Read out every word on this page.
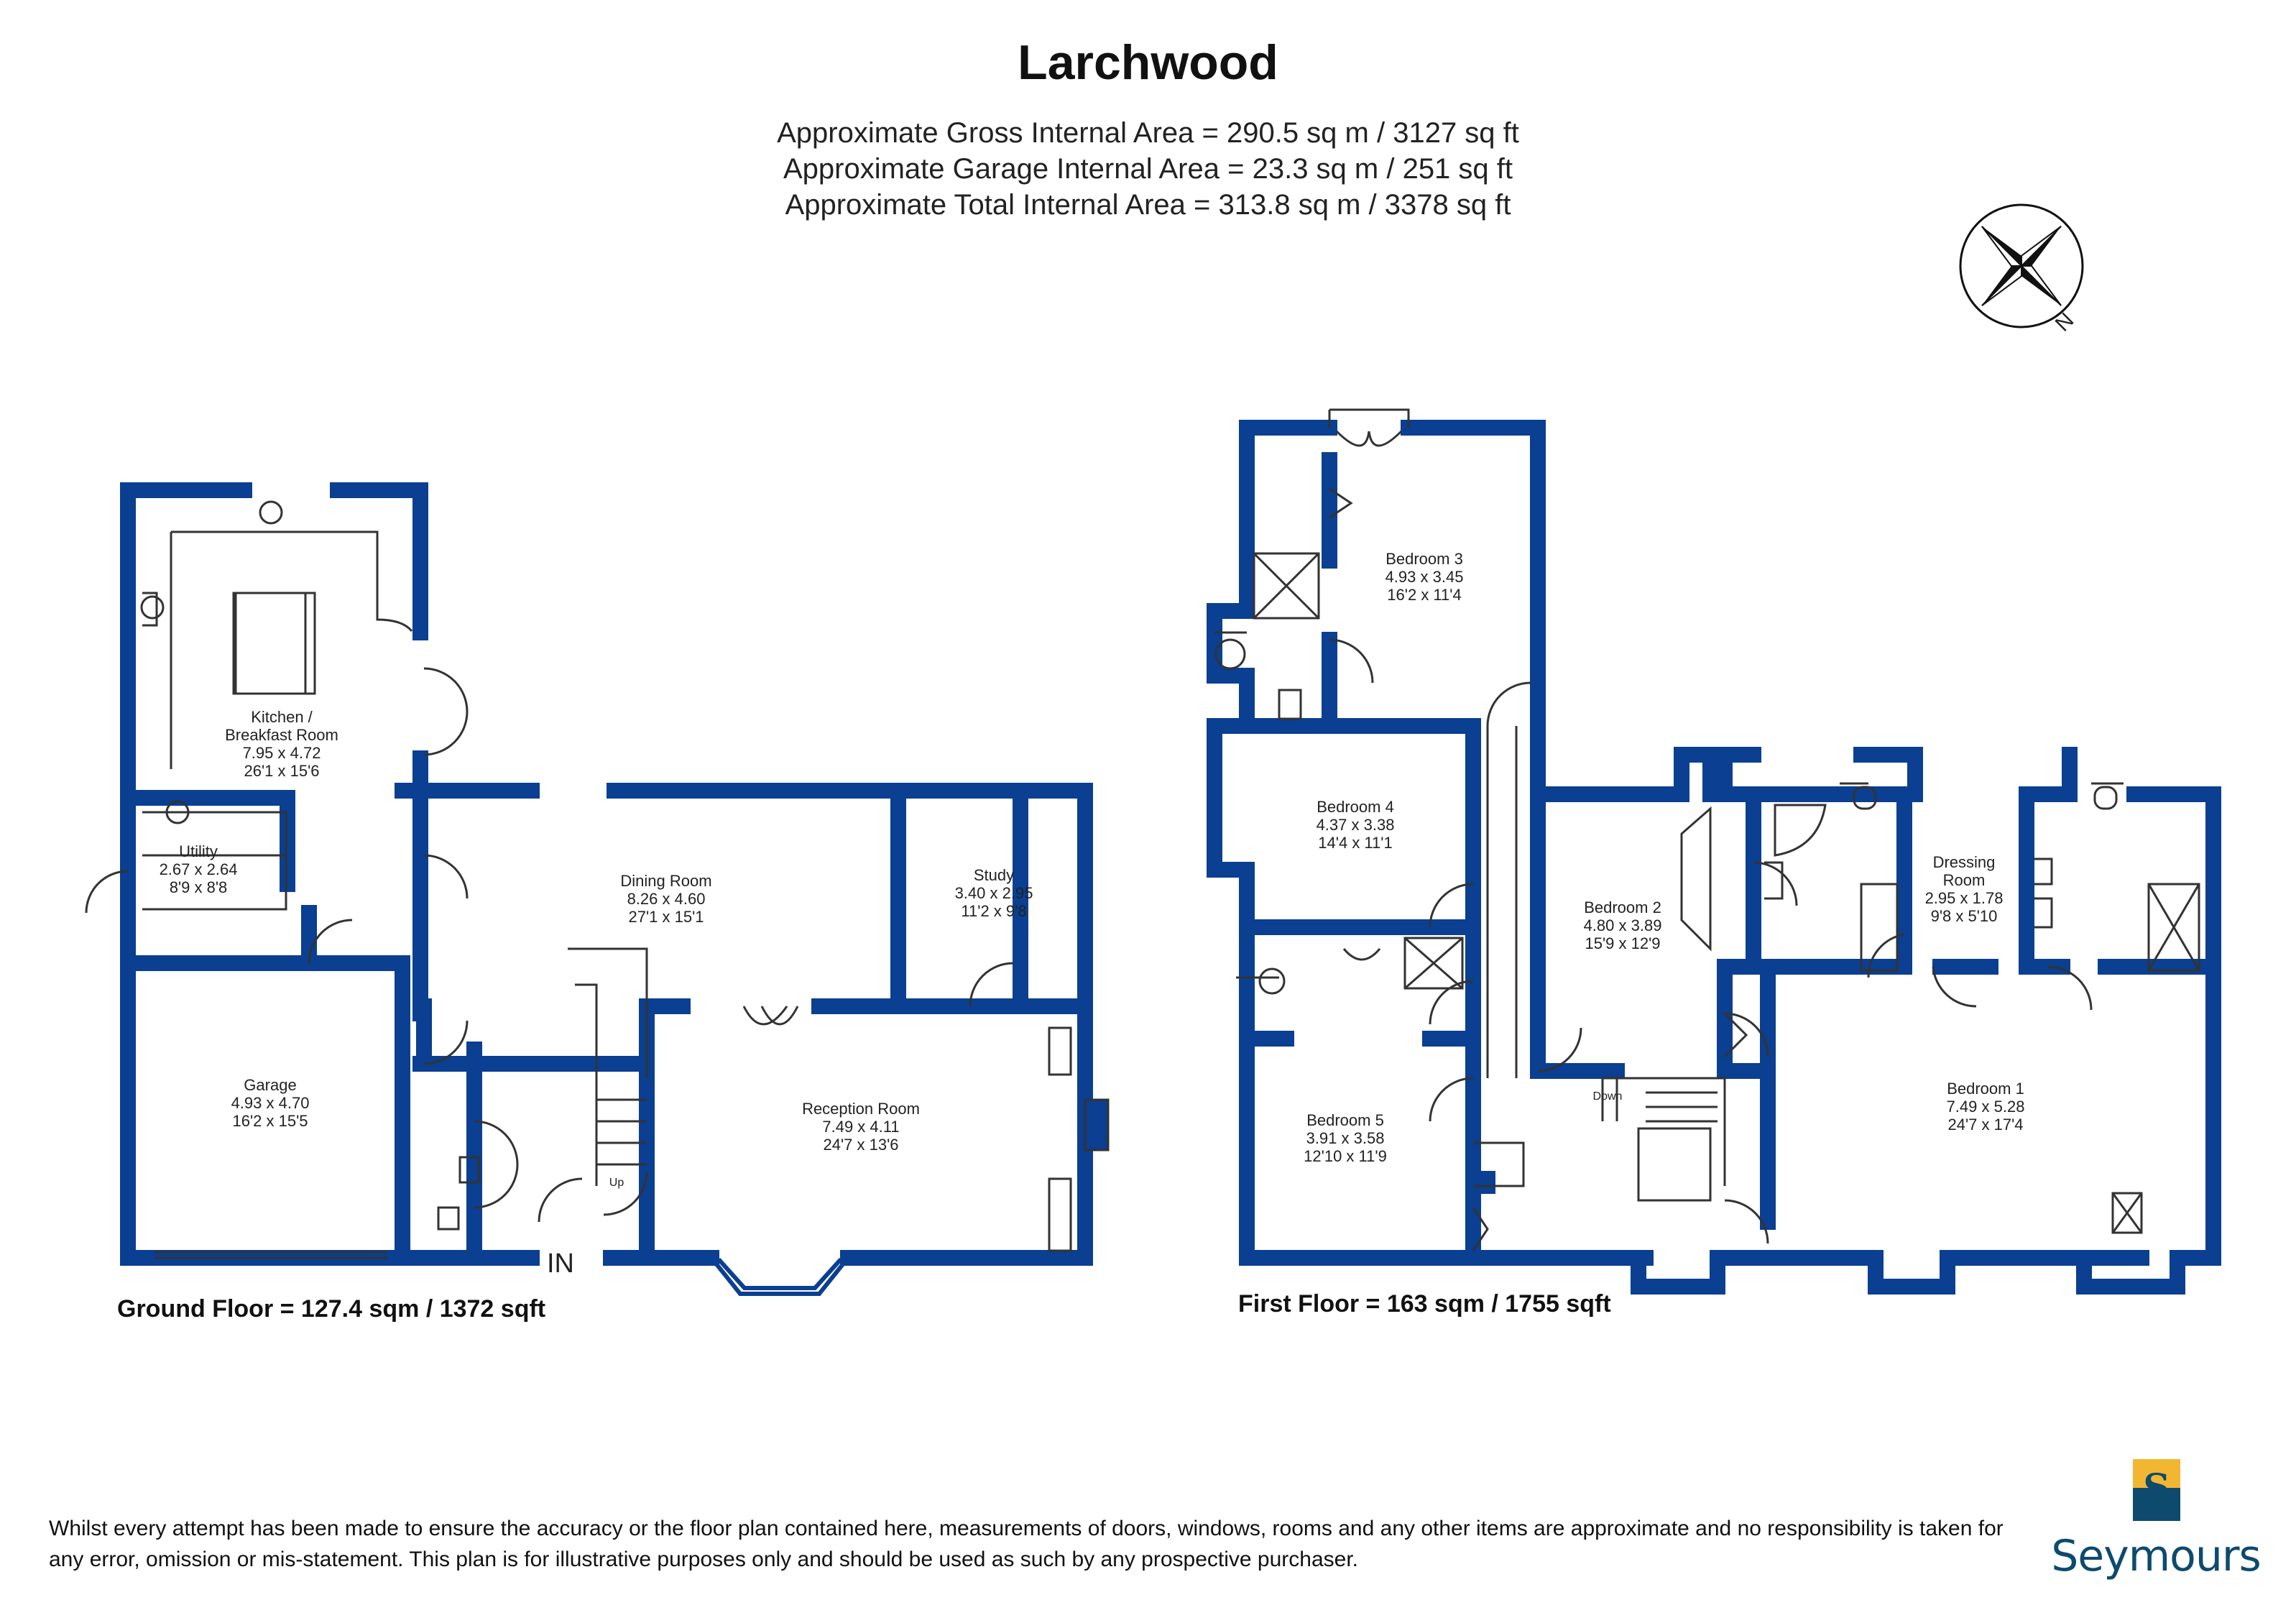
Larchwood
Approximate Gross Internal Area = 290.5 sq m / 3127 sq ft
Approximate Garage Internal Area = 23.3 sq m / 251 sq ft
Approximate Total Internal Area = 313.8 sq m / 3378 sq ft
N
Kitchen /
Breakfast Room
7.95 x 4.72
26'1 x 15'6
Utility
2.67 x 2.64
8'9 x 8'8
Garage
4.93 x 4.70
16'2 x 15'5
Dining Room
8.26 x 4.60
27'1 x 15'1
Study
3.40 x 2.95
11'2 x 9'8
Reception Room
7.49 x 4.11
24'7 x 13'6
Up
IN
Bedroom 3
4.93 x 3.45
16'2 x 11'4
Bedroom 4
4.37 x 3.38
14'4 x 11'1
Bedroom 5
3.91 x 3.58
12'10 x 11'9
Bedroom 2
4.80 x 3.89
15'9 x 12'9
Dressing
Room
2.95 x 1.78
9'8 x 5'10
Bedroom 1
7.49 x 5.28
24'7 x 17'4
Down
Ground Floor = 127.4 sqm / 1372 sqft	First Floor = 163 sqm / 1755 sqft
Whilst every attempt has been made to ensure the accuracy or the floor plan contained here, measurements of doors, windows, rooms and any other items are approximate and no responsibility is taken for any error, omission or mis-statement. This plan is for illustrative purposes only and should be used as such by any prospective purchaser.
S
Seymours
